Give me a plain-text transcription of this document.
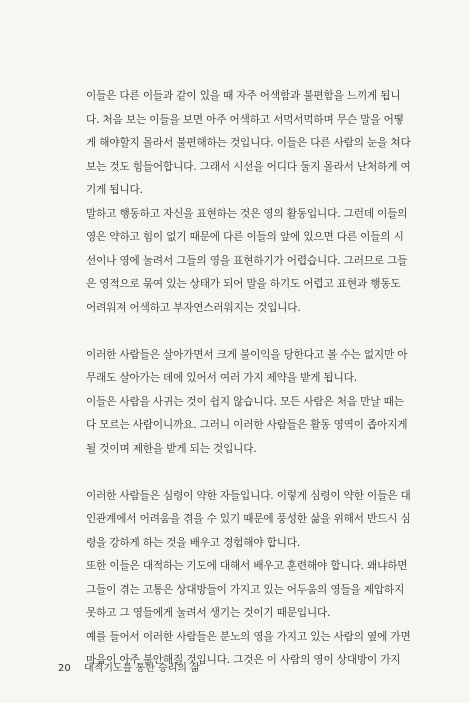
이들은 다른 이들과 같이 있을 때 자주 어색함과 불편함을 느끼게 됩니
다. 처음 보는 이들을 보면 아주 어색하고 서먹서먹하며 무슨 말을 어떻
게 해야할지 몰라서 불편해하는 것입니다. 이들은 다른 사람의 눈을 쳐다
보는 것도 힘들어합니다. 그래서 시선을 어디다 둘지 몰라서 난처하게 여
기게 됩니다.
말하고 행동하고 자신을 표현하는 것은 영의 활동입니다. 그런데 이들의
영은 약하고 힘이 없기 때문에 다른 이들의 앞에 있으면 다른 이들의 시
선이나 영에 눌려서 그들의 영을 표현하기가 어렵습니다. 그러므로 그들
은 영적으로 묶여 있는 상태가 되어 말을 하기도 어렵고 표현과 행동도
어려워져 어색하고 부자연스러워지는 것입니다.
이러한 사람들은 살아가면서 크게 불이익을 당한다고 볼 수는 없지만 아
무래도 살아가는 데에 있어서 여러 가지 제약을 받게 됩니다.
이들은 사람을 사귀는 것이 쉽지 않습니다. 모든 사람은 처음 만날 때는
다 모르는 사람이니까요. 그러니 이러한 사람들은 활동 영역이 좁아지게
될 것이며 제한을 받게 되는 것입니다.
이러한 사람들은 심령이 약한 자들입니다. 이렇게 심령이 약한 이들은 대
인관계에서 어려움을 겪을 수 있기 때문에 풍성한 삶을 위해서 반드시 심
령을 강하게 하는 것을 배우고 경험해야 합니다.
또한 이들은 대적하는 기도에 대해서 배우고 훈련해야 합니다. 왜냐하면
그들이 겪는 고통은 상대방들이 가지고 있는 어두움의 영들을 제압하지
못하고 그 영들에게 눌려서 생기는 것이기 때문입니다.
예를 들어서 이러한 사람들은 분노의 영을 가지고 있는 사람의 옆에 가면
마음이 아주 불안해질 것입니다. 그것은 이 사람의 영이 상대방이 가지
20 대적기도를 통한 승리의 삶
